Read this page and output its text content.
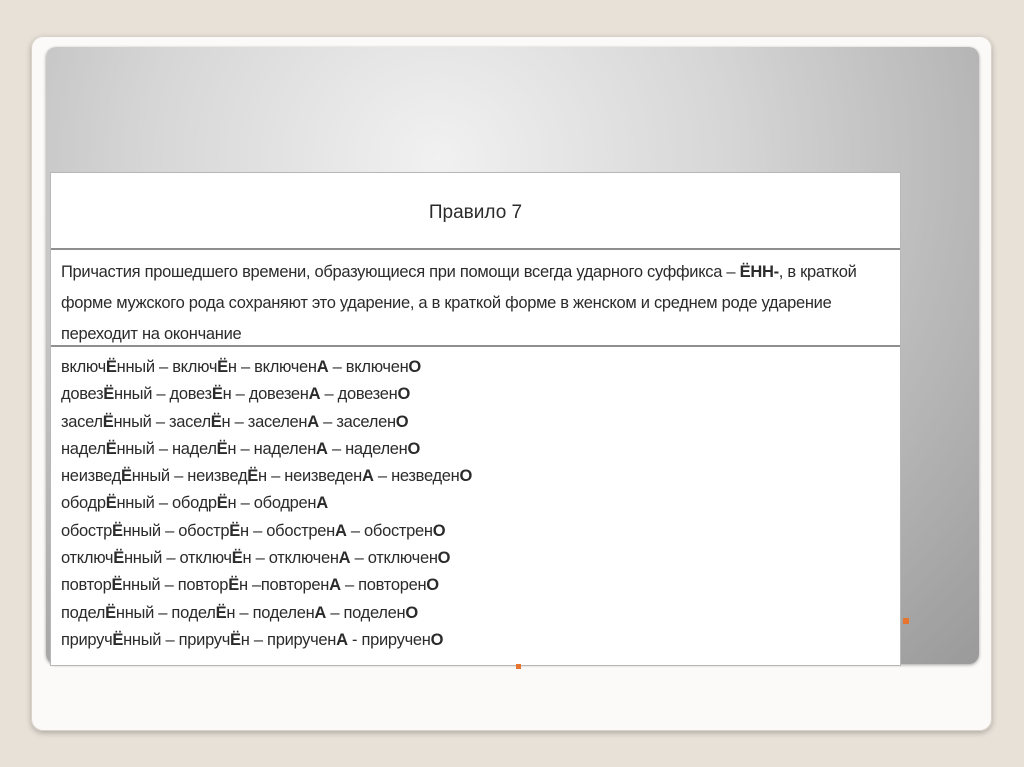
Правило 7
Причастия прошедшего времени, образующиеся при помощи всегда ударного суффикса – ЁНН-, в краткой форме мужского рода сохраняют это ударение, а в краткой форме в женском и среднем роде ударение переходит на окончание
включЁнный – включЁн – включенА – включенО
довезЁнный – довезЁн – довезенА – довезенО
заселЁнный – заселЁн – заселенА – заселенО
наделЁнный – наделЁн – наделенА – наделенО
неизведЁнный – неизведЁн – неизведенА – незведенО
ободрЁнный – ободрЁн – ободренА
обострЁнный – обострЁн – обостренА – обостренО
отключЁнный – отключЁн – отключенА – отключенО
повторЁнный – повторЁн –повторенА – повторенО
поделЁнный – поделЁн – поделенА – поделенО
приручЁнный – приручЁн – прирученА - прирученО
